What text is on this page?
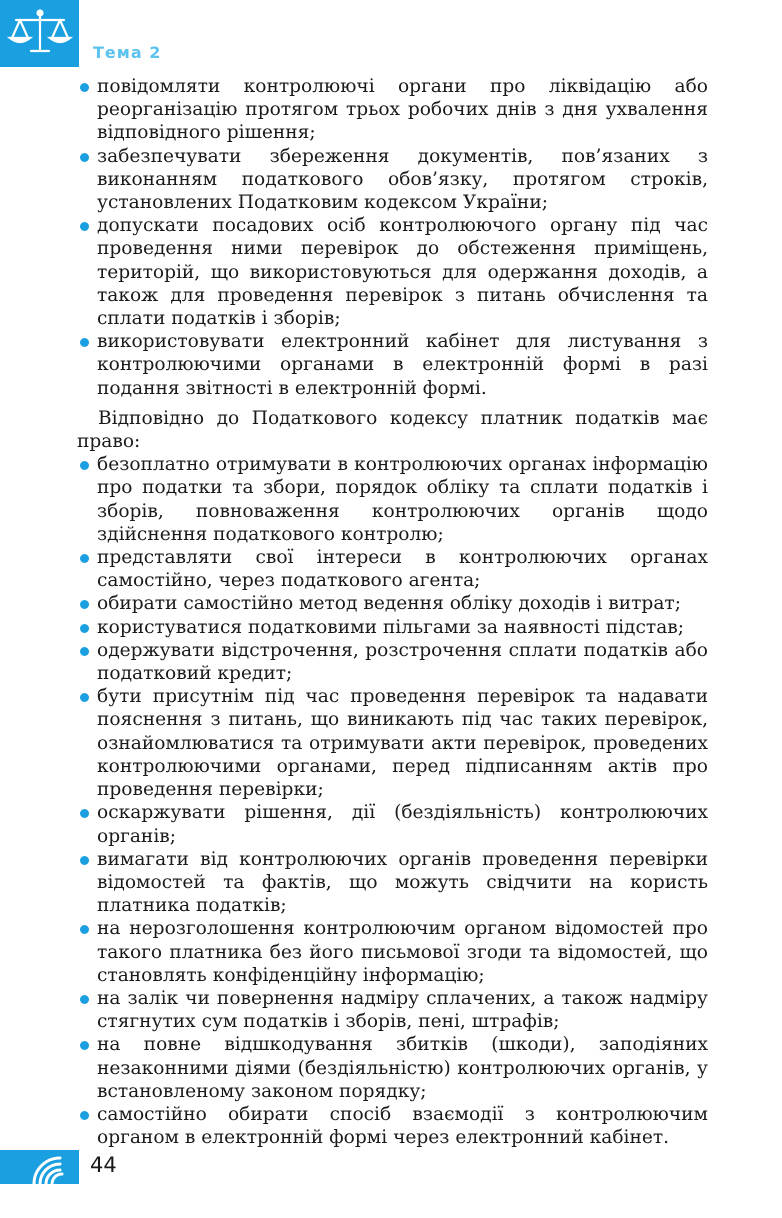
Тема 2
повідомляти контролюючі органи про ліквідацію або реорганізацію протягом трьох робочих днів з дня ухвалення відповідного рішення;
забезпечувати збереження документів, пов’язаних з виконанням податкового обов’язку, протягом строків, установлених Податковим кодексом України;
допускати посадових осіб контролюючого органу під час проведення ними перевірок до обстеження приміщень, територій, що використовуються для одержання доходів, а також для проведення перевірок з питань обчислення та сплати податків і зборів;
використовувати електронний кабінет для листування з контролюючими органами в електронній формі в разі подання звітності в електронній формі.

Відповідно до Податкового кодексу платник податків має право:

безоплатно отримувати в контролюючих органах інформацію про податки та збори, порядок обліку та сплати податків і зборів, повноваження контролюючих органів щодо здійснення податкового контролю;
представляти свої інтереси в контролюючих органах самостійно, через податкового агента;
обирати самостійно метод ведення обліку доходів і витрат;
користуватися податковими пільгами за наявності підстав;
одержувати відстрочення, розстрочення сплати податків або податковий кредит;
бути присутнім під час проведення перевірок та надавати пояснення з питань, що виникають під час таких перевірок, ознайомлюватися та отримувати акти перевірок, проведених контролюючими органами, перед підписанням актів про проведення перевірки;
оскаржувати рішення, дії (бездіяльність) контролюючих органів;
вимагати від контролюючих органів проведення перевірки відомостей та фактів, що можуть свідчити на користь платника податків;
на нерозголошення контролюючим органом відомостей про такого платника без його письмової згоди та відомостей, що становлять конфіденційну інформацію;
на залік чи повернення надміру сплачених, а також надміру стягнутих сум податків і зборів, пені, штрафів;
на повне відшкодування збитків (шкоди), заподіяних незаконними діями (бездіяльністю) контролюючих органів, у встановленому законом порядку;
самостійно обирати спосіб взаємодії з контролюючим органом в електронній формі через електронний кабінет.
44
